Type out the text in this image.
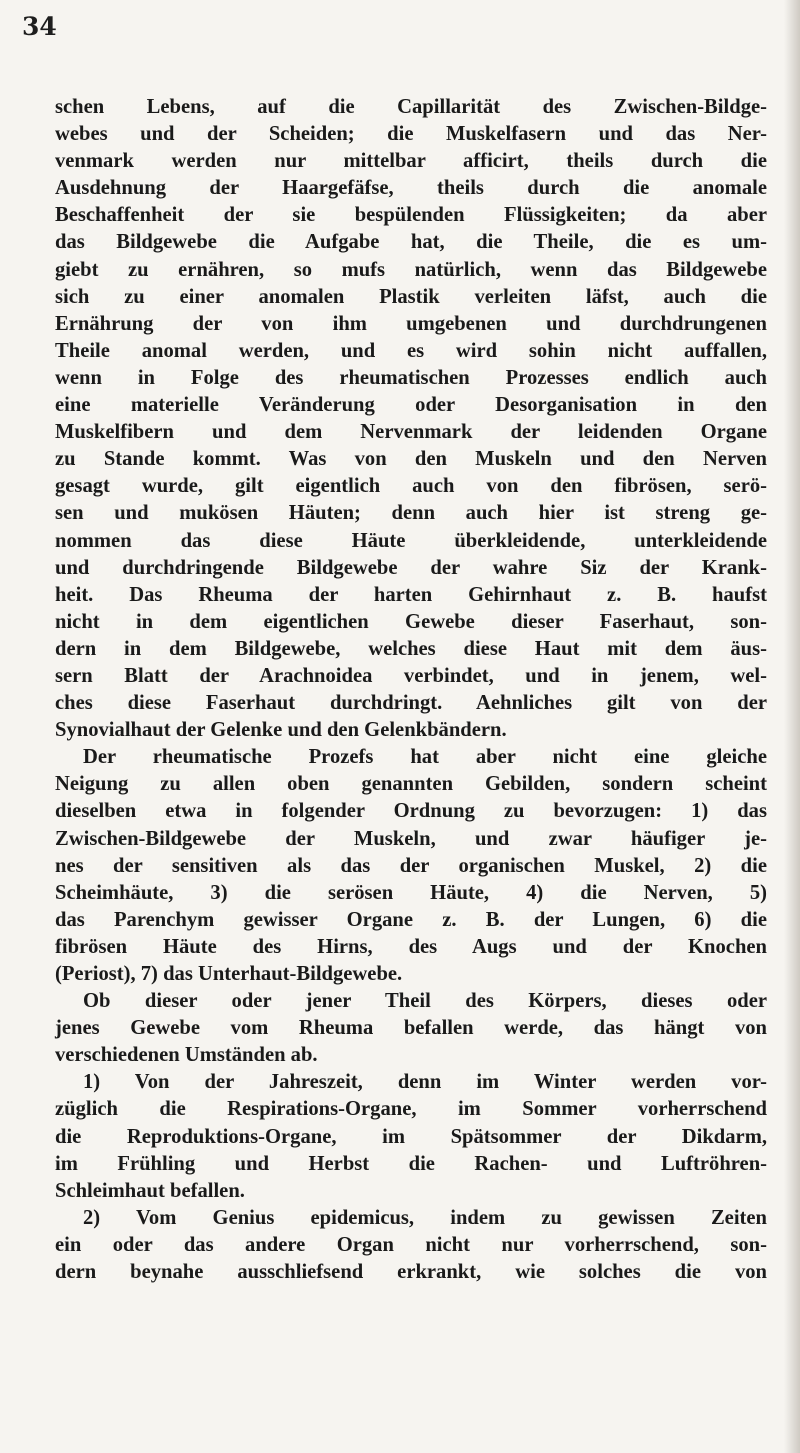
34

schen Lebens, auf die Capillarität des Zwischen-Bildge-
webes und der Scheiden; die Muskelfasern und das Ner-
venmark werden nur mittelbar afficirt, theils durch die
Ausdehnung der Haargefäfse, theils durch die anomale
Beschaffenheit der sie bespülenden Flüssigkeiten; da aber
das Bildgewebe die Aufgabe hat, die Theile, die es um-
giebt zu ernähren, so mufs natürlich, wenn das Bildgewebe
sich zu einer anomalen Plastik verleiten läfst, auch die
Ernährung der von ihm umgebenen und durchdrungenen
Theile anomal werden, und es wird sohin nicht auffallen,
wenn in Folge des rheumatischen Prozesses endlich auch
eine materielle Veränderung oder Desorganisation in den
Muskelfibern und dem Nervenmark der leidenden Organe
zu Stande kommt. Was von den Muskeln und den Nerven
gesagt wurde, gilt eigentlich auch von den fibrösen, serö-
sen und mukösen Häuten; denn auch hier ist streng ge-
nommen das diese Häute überkleidende, unterkleidende
und durchdringende Bildgewebe der wahre Siz der Krank-
heit. Das Rheuma der harten Gehirnhaut z. B. haufst
nicht in dem eigentlichen Gewebe dieser Faserhaut, son-
dern in dem Bildgewebe, welches diese Haut mit dem äus-
sern Blatt der Arachnoidea verbindet, und in jenem, wel-
ches diese Faserhaut durchdringt. Aehnliches gilt von der
Synovialhaut der Gelenke und den Gelenkbändern.
Der rheumatische Prozefs hat aber nicht eine gleiche
Neigung zu allen oben genannten Gebilden, sondern scheint
dieselben etwa in folgender Ordnung zu bevorzugen: 1) das
Zwischen-Bildgewebe der Muskeln, und zwar häufiger je-
nes der sensitiven als das der organischen Muskel, 2) die
Scheimhäute, 3) die serösen Häute, 4) die Nerven, 5)
das Parenchym gewisser Organe z. B. der Lungen, 6) die
fibrösen Häute des Hirns, des Augs und der Knochen
(Periost), 7) das Unterhaut-Bildgewebe.
Ob dieser oder jener Theil des Körpers, dieses oder
jenes Gewebe vom Rheuma befallen werde, das hängt von
verschiedenen Umständen ab.
1) Von der Jahreszeit, denn im Winter werden vor-
züglich die Respirations-Organe, im Sommer vorherrschend
die Reproduktions-Organe, im Spätsommer der Dikdarm,
im Frühling und Herbst die Rachen- und Luftröhren-
Schleimhaut befallen.
2) Vom Genius epidemicus, indem zu gewissen Zeiten
ein oder das andere Organ nicht nur vorherrschend, son-
dern beynahe ausschliefsend erkrankt, wie solches die von
